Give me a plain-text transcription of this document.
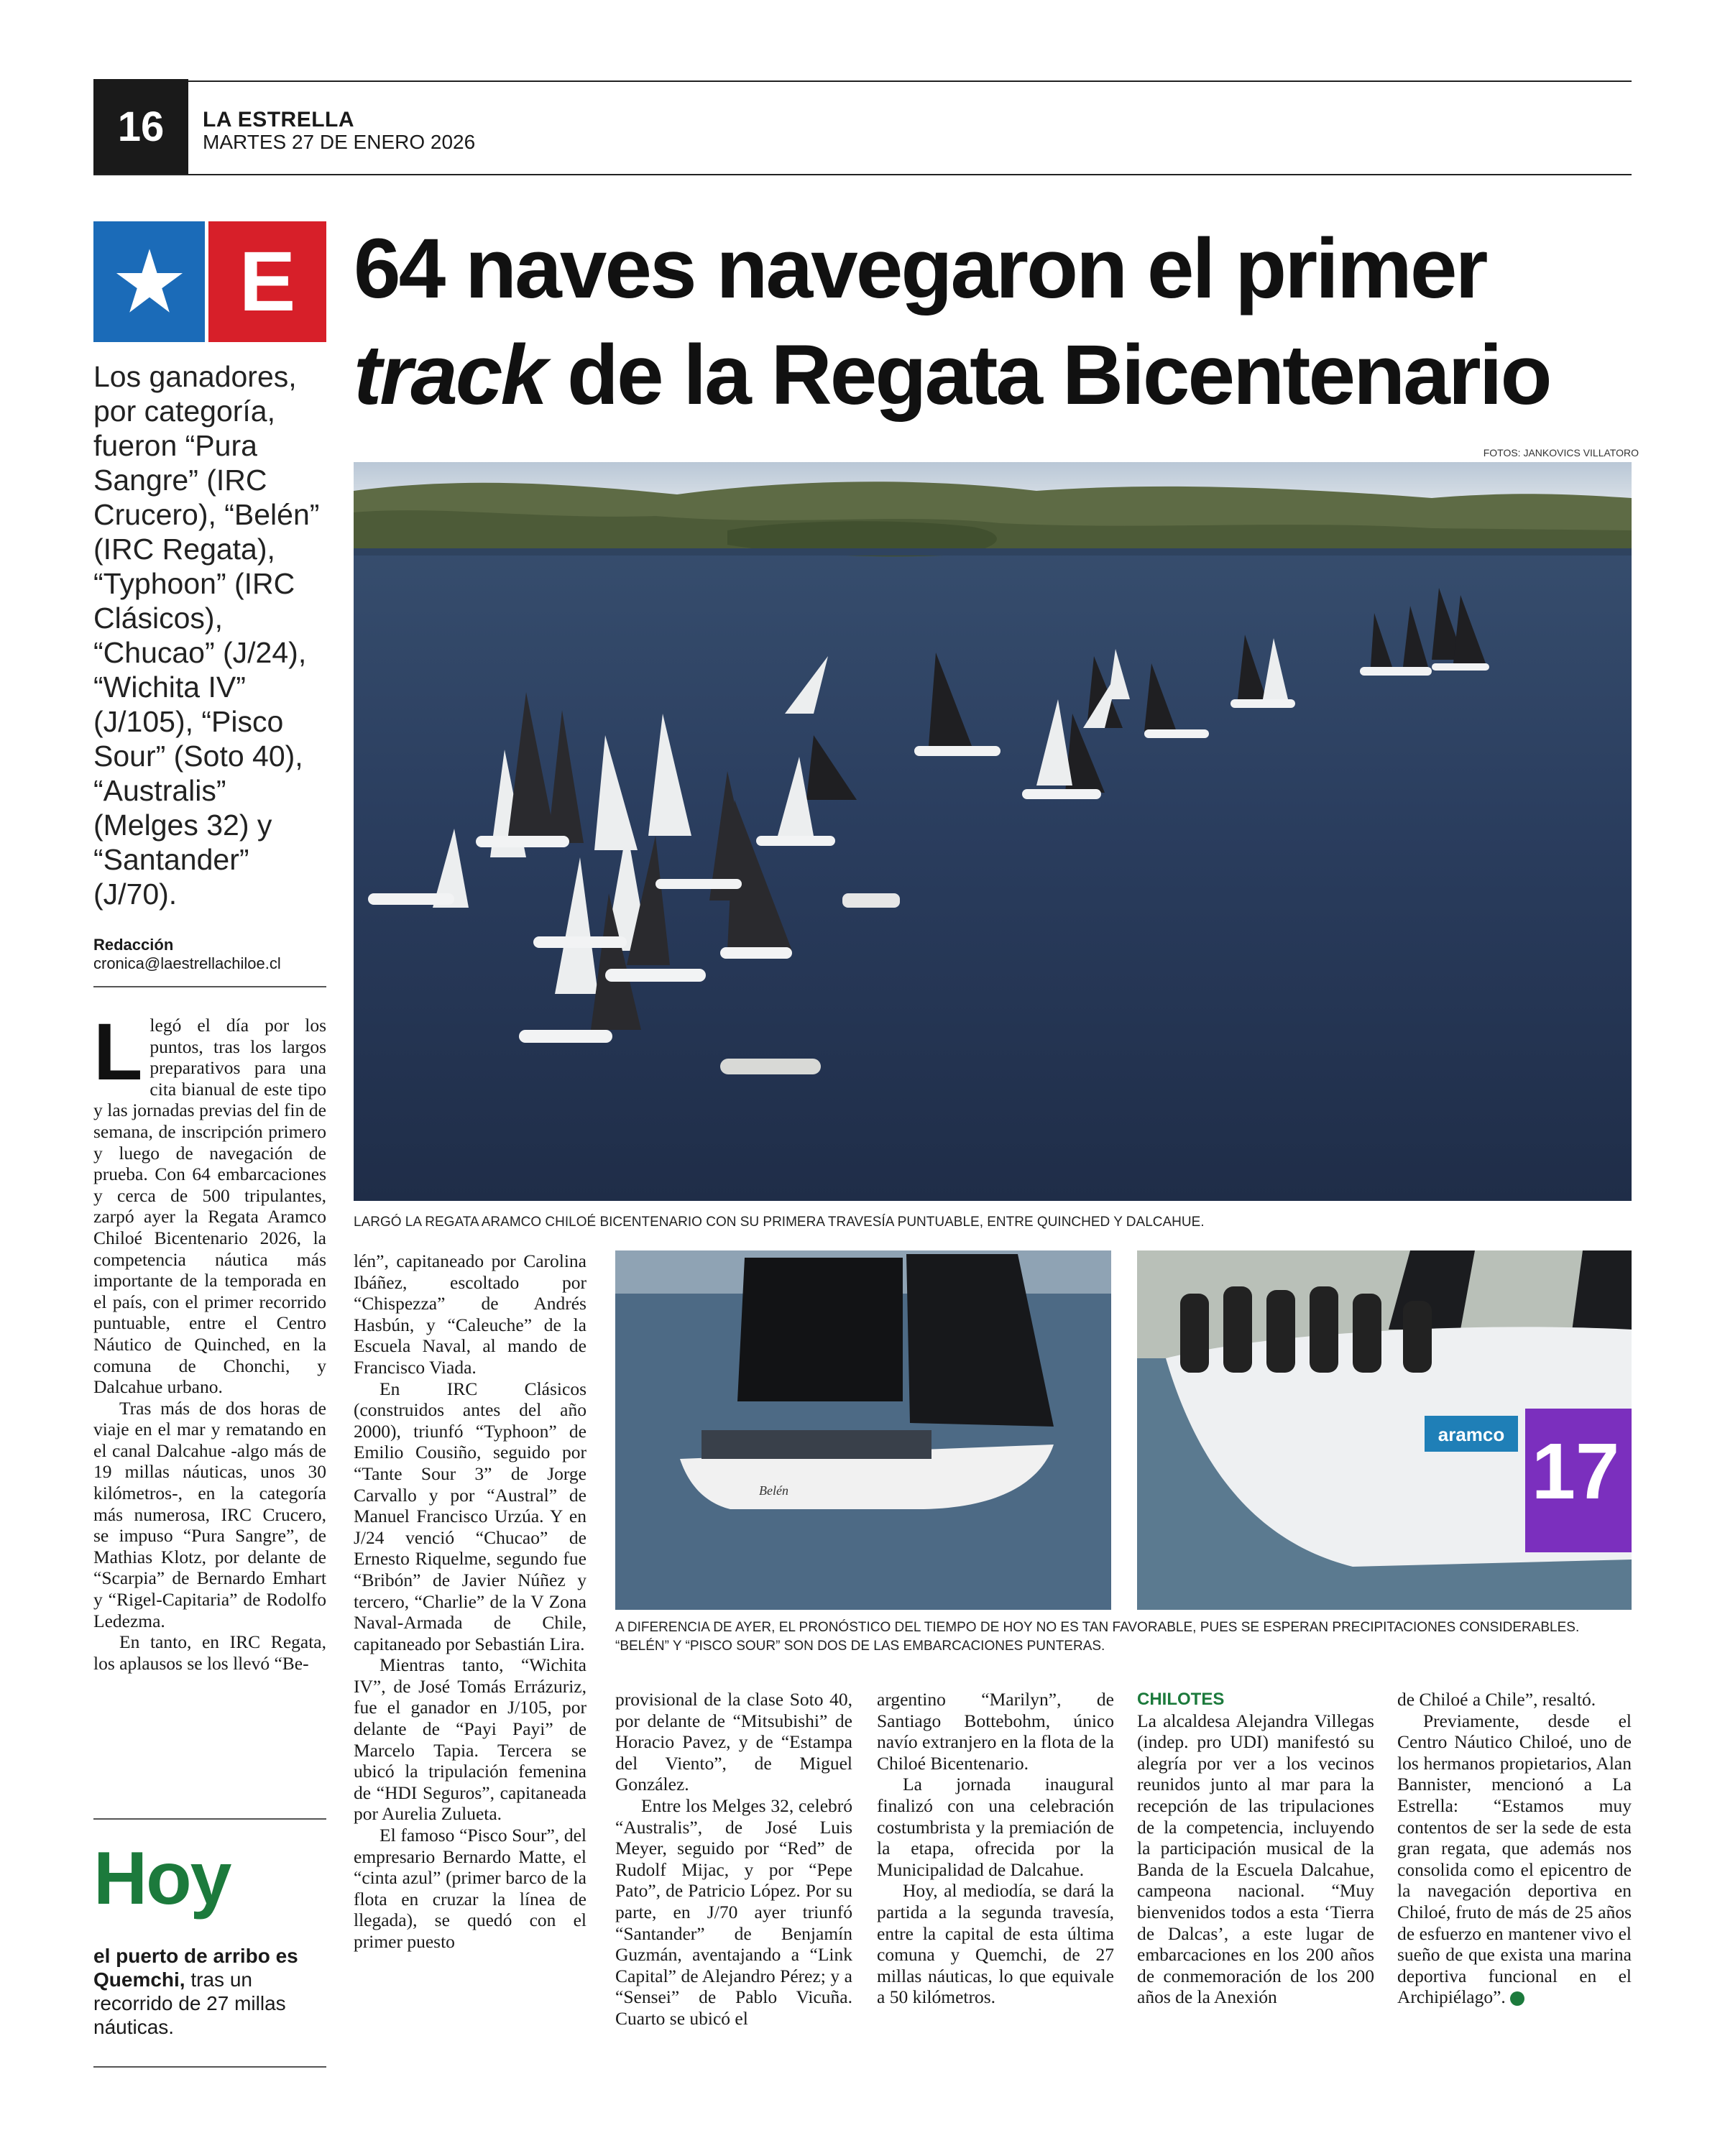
16	LA ESTRELLA
MARTES 27 DE ENERO 2026
E 64 naves navegaron el primer
track de la Regata Bicentenario
Los ganadores, por categoría, fueron “Pura Sangre” (IRC Crucero), “Belén” (IRC Regata), “Typhoon” (IRC Clásicos), “Chucao” (J/24), “Wichita IV” (J/105), “Pisco Sour” (Soto 40), “Australis” (Melges 32) y “Santander” (J/70).
Redacción
cronica@laestrellachiloe.cl
FOTOS: JANKOVICS VILLATORO
LARGÓ LA REGATA ARAMCO CHILOÉ BICENTENARIO CON SU PRIMERA TRAVESÍA PUNTUABLE, ENTRE QUINCHED Y DALCAHUE.
Belén
aramco 17
A DIFERENCIA DE AYER, EL PRONÓSTICO DEL TIEMPO DE HOY NO ES TAN FAVORABLE, PUES SE ESPERAN PRECIPITACIONES CONSIDERABLES. “BELÉN” Y “PISCO SOUR” SON DOS DE LAS EMBARCACIONES PUNTERAS.

Llegó el día por los puntos, tras los largos preparativos para una cita bianual de este tipo y las jornadas previas del fin de semana, de inscripción primero y luego de navegación de prueba. Con 64 embarcaciones y cerca de 500 tripulantes, zarpó ayer la Regata Aramco Chiloé Bicentenario 2026, la competencia náutica más importante de la temporada en el país, con el primer recorrido puntuable, entre el Centro Náutico de Quinched, en la comuna de Chonchi, y Dalcahue urbano.

Tras más de dos horas de viaje en el mar y rematando en el canal Dalcahue -algo más de 19 millas náuticas, unos 30 kilómetros-, en la categoría más numerosa, IRC Crucero, se impuso “Pura Sangre”, de Mathias Klotz, por delante de “Scarpia” de Bernardo Emhart y “Rigel-Capitaria” de Rodolfo Ledezma.

En tanto, en IRC Regata, los aplausos se los llevó “Be-

lén”, capitaneado por Carolina Ibáñez, escoltado por “Chispezza” de Andrés Hasbún, y “Caleuche” de la Escuela Naval, al mando de Francisco Viada.

En IRC Clásicos (construidos antes del año 2000), triunfó “Typhoon” de Emilio Cousiño, seguido por “Tante Sour 3” de Jorge Carvallo y por “Austral” de Manuel Francisco Urzúa. Y en J/24 venció “Chucao” de Ernesto Riquelme, segundo fue “Bribón” de Javier Núñez y tercero, “Charlie” de la V Zona Naval-Armada de Chile, capitaneado por Sebastián Lira.

Mientras tanto, “Wichita IV”, de José Tomás Errázuriz, fue el ganador en J/105, por delante de “Payi Payi” de Marcelo Tapia. Tercera se ubicó la tripulación femenina de “HDI Seguros”, capitaneada por Aurelia Zulueta.

El famoso “Pisco Sour”, del empresario Bernardo Matte, el “cinta azul” (primer barco de la flota en cruzar la línea de llegada), se quedó con el primer puesto

provisional de la clase Soto 40, por delante de “Mitsubishi” de Horacio Pavez, y de “Estampa del Viento”, de Miguel González.

Entre los Melges 32, celebró “Australis”, de José Luis Meyer, seguido por “Red” de Rudolf Mijac, y por “Pepe Pato”, de Patricio López. Por su parte, en J/70 ayer triunfó “Santander” de Benjamín Guzmán, aventajando a “Link Capital” de Alejandro Pérez; y a “Sensei” de Pablo Vicuña. Cuarto se ubicó el

argentino “Marilyn”, de Santiago Bottebohm, único navío extranjero en la flota de la Chiloé Bicentenario.

La jornada inaugural finalizó con una celebración costumbrista y la premiación de la etapa, ofrecida por la Municipalidad de Dalcahue.

Hoy, al mediodía, se dará la partida a la segunda travesía, entre la capital de esta última comuna y Quemchi, de 27 millas náuticas, lo que equivale a 50 kilómetros.

CHILOTES

La alcaldesa Alejandra Villegas (indep. pro UDI) manifestó su alegría por ver a los vecinos reunidos junto al mar para la recepción de las tripulaciones de la competencia, incluyendo la participación musical de la Banda de la Escuela Dalcahue, campeona nacional. “Muy bienvenidos todos a esta ‘Tierra de Dalcas’, a este lugar de embarcaciones en los 200 años de conmemoración de los 200 años de la Anexión

de Chiloé a Chile”, resaltó.

Previamente, desde el Centro Náutico Chiloé, uno de los hermanos propietarios, Alan Bannister, mencionó a La Estrella: “Estamos muy contentos de ser la sede de esta gran regata, que además nos consolida como el epicentro de la navegación deportiva en Chiloé, fruto de más de 25 años de esfuerzo en mantener vivo el sueño de que exista una marina deportiva funcional en el Archipiélago”.	✓

Hoy
el puerto de arribo es Quemchi, tras un recorrido de 27 millas náuticas.
